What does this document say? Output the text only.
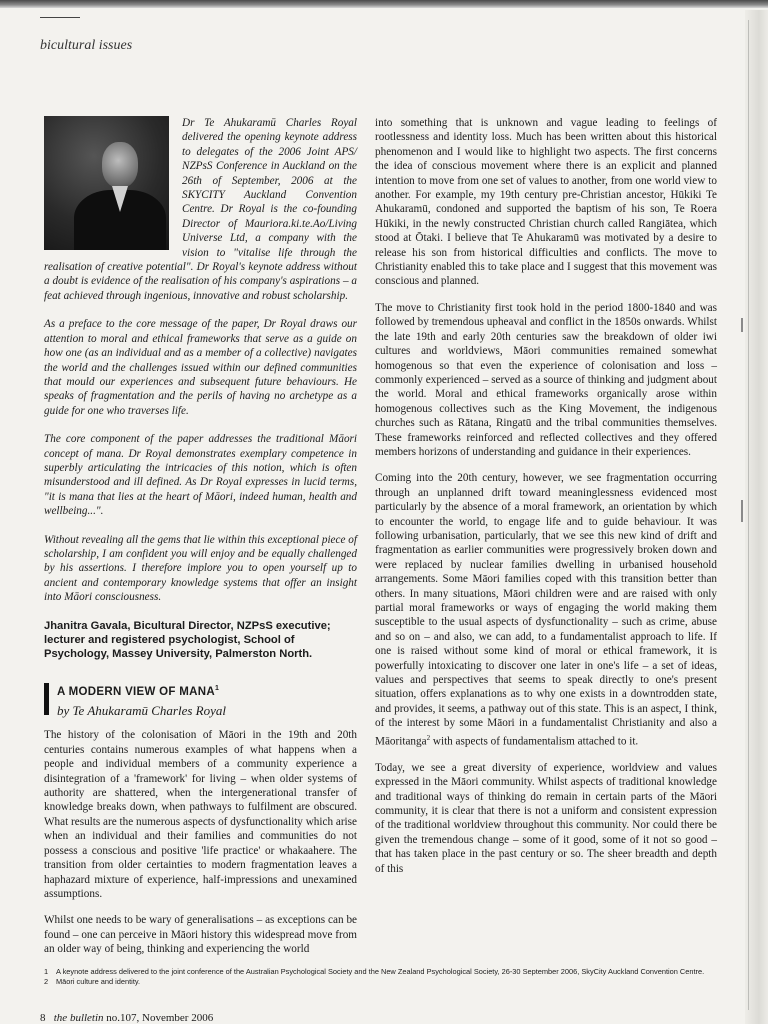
bicultural issues

Dr Te Ahukaramū Charles Royal delivered the opening keynote address to delegates of the 2006 Joint APS/ NZPsS Conference in Auckland on the 26th of September, 2006 at the SKYCITY Auckland Convention Centre. Dr Royal is the co-founding Director of Mauriora.ki.te.Ao/Living Universe Ltd, a company with the vision to "vitalise life through the realisation of creative potential". Dr Royal's keynote address without a doubt is evidence of the realisation of his company's aspirations – a feat achieved through ingenious, innovative and robust scholarship.

As a preface to the core message of the paper, Dr Royal draws our attention to moral and ethical frameworks that serve as a guide on how one (as an individual and as a member of a collective) navigates the world and the challenges issued within our defined communities that mould our experiences and subsequent future behaviours. He speaks of fragmentation and the perils of having no archetype as a guide for one who traverses life.

The core component of the paper addresses the traditional Māori concept of mana. Dr Royal demonstrates exemplary competence in superbly articulating the intricacies of this notion, which is often misunderstood and ill defined. As Dr Royal expresses in lucid terms, "it is mana that lies at the heart of Māori, indeed human, health and wellbeing...".

Without revealing all the gems that lie within this exceptional piece of scholarship, I am confident you will enjoy and be equally challenged by his assertions. I therefore implore you to open yourself up to ancient and contemporary knowledge systems that offer an insight into Māori consciousness.

Jhanitra Gavala, Bicultural Director, NZPsS executive; lecturer and registered psychologist, School of Psychology, Massey University, Palmerston North.
A MODERN VIEW OF MANA$^1$
by Te Ahukaramū Charles Royal

The history of the colonisation of Māori in the 19th and 20th centuries contains numerous examples of what happens when a people and individual members of a community experience a disintegration of a 'framework' for living – when older systems of authority are shattered, when the intergenerational transfer of knowledge breaks down, when pathways to fulfilment are obscured. What results are the numerous aspects of dysfunctionality which arise when an individual and their families and communities do not possess a conscious and positive 'life practice' or whakaahere. The transition from older certainties to modern fragmentation leaves a haphazard mixture of experience, half-impressions and unexamined assumptions.

Whilst one needs to be wary of generalisations – as exceptions can be found – one can perceive in Māori history this widespread move from an older way of being, thinking and experiencing the world

into something that is unknown and vague leading to feelings of rootlessness and identity loss. Much has been written about this historical phenomenon and I would like to highlight two aspects. The first concerns the idea of conscious movement where there is an explicit and planned intention to move from one set of values to another, from one world view to another. For example, my 19th century pre-Christian ancestor, Hūkiki Te Ahukaramū, condoned and supported the baptism of his son, Te Roera Hūkiki, in the newly constructed Christian church called Rangiātea, which stood at Ōtaki. I believe that Te Ahukaramū was motivated by a desire to release his son from historical difficulties and conflicts. The move to Christianity enabled this to take place and I suggest that this movement was conscious and planned.

The move to Christianity first took hold in the period 1800-1840 and was followed by tremendous upheaval and conflict in the 1850s onwards. Whilst the late 19th and early 20th centuries saw the breakdown of older iwi cultures and worldviews, Māori communities remained somewhat homogenous so that even the experience of colonisation and loss – commonly experienced – served as a source of thinking and judgment about the world. Moral and ethical frameworks organically arose within homogenous collectives such as the King Movement, the indigenous churches such as Rātana, Ringatū and the tribal communities themselves. These frameworks reinforced and reflected collectives and they offered members horizons of understanding and guidance in their experiences.

Coming into the 20th century, however, we see fragmentation occurring through an unplanned drift toward meaninglessness evidenced most particularly by the absence of a moral framework, an orientation by which to encounter the world, to engage life and to guide behaviour. It was following urbanisation, particularly, that we see this new kind of drift and fragmentation as earlier communities were progressively broken down and were replaced by nuclear families dwelling in urbanised household arrangements. Some Māori families coped with this transition better than others. In many situations, Māori children were and are raised with only partial moral frameworks or ways of engaging the world making them susceptible to the usual aspects of dysfunctionality – such as crime, abuse and so on – and also, we can add, to a fundamentalist approach to life. If one is raised without some kind of moral or ethical framework, it is powerfully intoxicating to discover one later in one's life – a set of ideas, values and perspectives that seems to speak directly to one's present situation, offers explanations as to why one exists in a downtrodden state, and provides, it seems, a pathway out of this state. This is an aspect, I think, of the interest by some Māori in a fundamentalist Christianity and also a Māoritanga$^2$ with aspects of fundamentalism attached to it.

Today, we see a great diversity of experience, worldview and values expressed in the Māori community. Whilst aspects of traditional knowledge and traditional ways of thinking do remain in certain parts of the Māori community, it is clear that there is not a uniform and consistent expression of the traditional worldview throughout this community. Nor could there be given the tremendous change – some of it good, some of it not so good – that has taken place in the past century or so. The sheer breadth and depth of this

1 A keynote address delivered to the joint conference of the Australian Psychological Society and the New Zealand Psychological Society, 26-30 September 2006, SkyCity Auckland Convention Centre.

2 Māori culture and identity.

8 the bulletin no.107, November 2006
